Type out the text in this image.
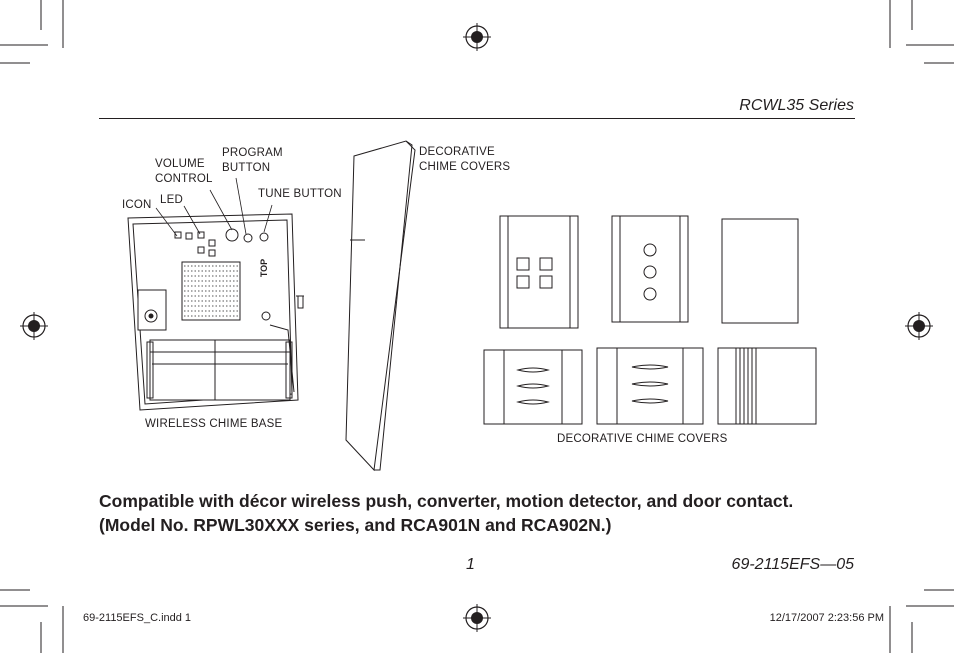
RCWL35 Series
PROGRAM BUTTON
VOLUME CONTROL
TUNE BUTTON
ICON LED
WIRELESS CHIME BASE
DECORATIVE CHIME COVERS
DECORATIVE CHIME COVERS
TOP
Compatible with décor wireless push, converter, motion detector, and door contact.
(Model No. RPWL30XXX series, and RCA901N and RCA902N.)
1	69-2115EFS—05
69-2115EFS_C.indd 1	12/17/2007 2:23:56 PM
